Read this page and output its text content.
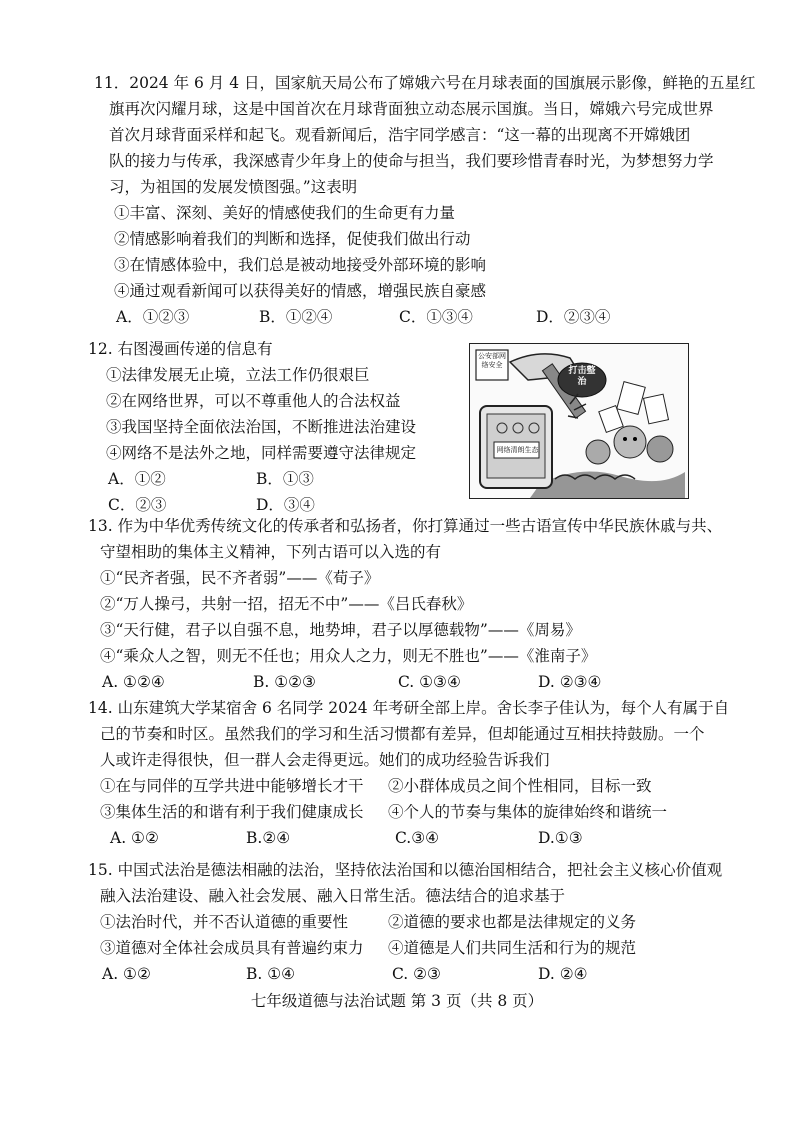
11．2024 年 6 月 4 日，国家航天局公布了嫦娥六号在月球表面的国旗展示影像，鲜艳的五星红
旗再次闪耀月球，这是中国首次在月球背面独立动态展示国旗。当日，嫦娥六号完成世界
首次月球背面采样和起飞。观看新闻后，浩宇同学感言：“这一幕的出现离不开嫦娥团
队的接力与传承，我深感青少年身上的使命与担当，我们要珍惜青春时光，为梦想努力学
习，为祖国的发展发愤图强。”这表明
①丰富、深刻、美好的情感使我们的生命更有力量
②情感影响着我们的判断和选择，促使我们做出行动
③在情感体验中，我们总是被动地接受外部环境的影响
④通过观看新闻可以获得美好的情感，增强民族自豪感
A．①②③	B．①②④	C．①③④	D．②③④
12. 右图漫画传递的信息有
①法律发展无止境，立法工作仍很艰巨
②在网络世界，可以不尊重他人的合法权益
③我国坚持全面依法治国，不断推进法治建设
④网络不是法外之地，同样需要遵守法律规定
A．①②	B．①③
C．②③	D．③④
公安部网络安全
打击整治
网络清朗生态
13. 作为中华优秀传统文化的传承者和弘扬者，你打算通过一些古语宣传中华民族休戚与共、
守望相助的集体主义精神，下列古语可以入选的有
①“民齐者强，民不齐者弱”——《荀子》
②“万人操弓，共射一招，招无不中”——《吕氏春秋》
③“天行健，君子以自强不息，地势坤，君子以厚德载物”——《周易》
④“乘众人之智，则无不任也；用众人之力，则无不胜也”——《淮南子》
A. ①②④	B. ①②③	C. ①③④	D. ②③④
14. 山东建筑大学某宿舍 6 名同学 2024 年考研全部上岸。舍长李子佳认为，每个人有属于自
己的节奏和时区。虽然我们的学习和生活习惯都有差异，但却能通过互相扶持鼓励。一个
人或许走得很快，但一群人会走得更远。她们的成功经验告诉我们
①在与同伴的互学共进中能够增长才干 ②小群体成员之间个性相同，目标一致
③集体生活的和谐有利于我们健康成长 ④个人的节奏与集体的旋律始终和谐统一
A. ①②	B.②④	C.③④	D.①③
15. 中国式法治是德法相融的法治，坚持依法治国和以德治国相结合，把社会主义核心价值观
融入法治建设、融入社会发展、融入日常生活。德法结合的追求基于
①法治时代，并不否认道德的重要性	②道德的要求也都是法律规定的义务
③道德对全体社会成员具有普遍约束力 ④道德是人们共同生活和行为的规范
A. ①②	B. ①④	C. ②③	D. ②④
七年级道德与法治试题 第 3 页（共 8 页）
